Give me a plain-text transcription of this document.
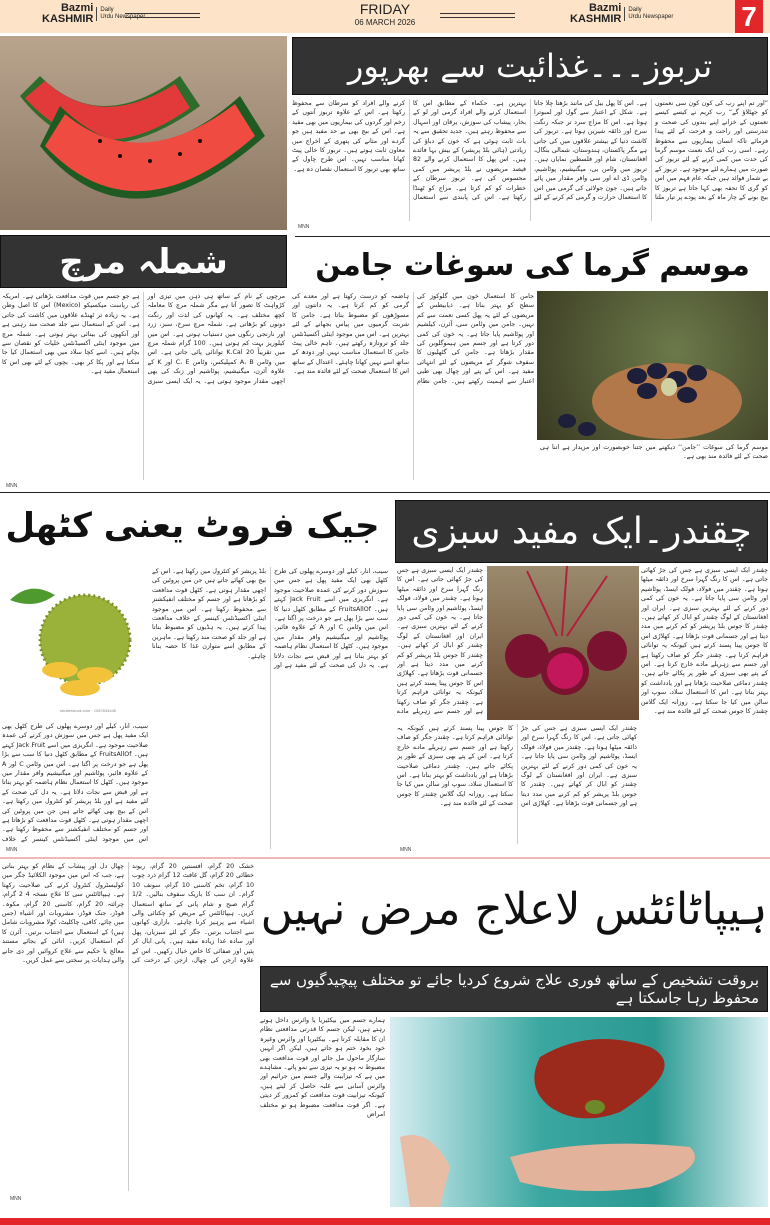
Bazmi
KASHMIR
Daily
Urdu Newspaper	FRIDAY
06 MARCH 2026
Bazmi
KASHMIR
Daily
Urdu Newspaper 7
تربوز۔۔۔غذائیت سے بھرپور
”اور تم اپنے رب کی کون کون سی نعمتوں کو جھٹلاؤ گے“ رب کریم نے کیسے کیسے نعمتوں کے خزانے اپنے بندوں کی صحت و تندرستی اور راحت و فرحت کے لئے پیدا فرمائے تاکہ انسان بیماریوں سے محفوظ رہے۔ اسی رب کی ایک نعمت موسم گرما کی حدت میں کمی کرنے کے لئے تربوز کی صورت میں ہمارے لئے موجود ہے۔ تربوز کے بے شمار فوائد ہیں جبکہ عام فہم میں اس کو گری کا تحفہ بھی کہا جاتا ہے تربوز کا بیج بونے کے چار ماہ کے بعد پودے پر تیار ملتا ہے۔ اس کا پھل بیل کی مانند بڑھتا چلا جاتا ہے۔ شکل کے اعتبار سے گول اور لمبوترا ہوتا ہے۔ اس کا مزاج سرد تر جبکہ رنگت سرخ اور ذائقہ شیریں ہوتا ہے۔ تربوز کی کاشت دنیا کے بیشتر علاقوں میں کی جاتی ہے مگر پاکستان، ہندوستان، شمالی بنگال، افغانستان، شام اور فلسطین نمایاں ہیں۔ تربوز میں وٹامن بی، میگنیشیم، پوٹاشیم، وٹامن ڈی اے اور سی وافر مقدار میں پائے جاتے ہیں۔ جون جولائی کی گرمی میں اس کا استعمال حرارت و گرمی کم کرنے کے لئے بہترین ہے۔ حکماء کے مطابق اس کا استعمال کرنے والے افراد گرمی اور لو کے بخار، پیشاب کی سوزش، یرقان اور اسہال سے محفوظ رہتے ہیں۔ جدید تحقیق سے یہ بات ثابت ہوئی ہے کہ خون کے دباؤ کی زیادتی (ہائی بلڈ پریشر) کے بیش بہا فائدے ہیں۔ اس پھل کا استعمال کرنے والے 82 فیصد مریضوں نے بلڈ پریشر میں کمی محسوس کی ہے۔ تربوز سرطان کے خطرات کو کم کرتا ہے۔ مزاج کو ٹھنڈا رکھتا ہے۔ اس کی پابندی سے استعمال کرنے والے افراد کو سرطان سے محفوظ رکھتا ہے۔ اس کے علاوہ تربوز آنتوں کے زخم اور گردوں کی بیماریوں میں بھی مفید ہے۔ اس کے بیج بھی بے حد مفید ہیں جو گردے اور مثانے کی پتھری کے اخراج میں معاون ثابت ہوتے ہیں۔ تربوز کا خالی پیٹ کھانا مناسب نہیں۔ اس طرح چاول کے ساتھ بھی تربوز کا استعمال نقصان دہ ہے۔
MNN
شملہ مرچ
مرچوں کے نام کے ساتھ ہی ذہن میں تیزی اور کڑواہٹ کا تصور آتا ہے مگر شملہ مرچ کا معاملہ کچھ مختلف ہے۔ یہ کھانوں کی لذت اور رنگت دونوں کو بڑھاتی ہے۔ شملہ مرچ سرخ، سبز، زرد اور نارنجی رنگوں میں دستیاب ہوتی ہے۔ اس میں کیلوریز بہت کم ہوتی ہیں۔ 100 گرام شملہ مرچ میں تقریباً 20 K.Cal توانائی پائی جاتی ہے۔ اس میں وٹامن A، B کمپلیکس، وٹامن C، E اور K کے علاوہ آئرن، میگنیشیم، پوٹاشیم اور زنک کی بھی اچھی مقدار موجود ہوتی ہے۔ یہ ایک ایسی سبزی ہے جو جسم میں قوت مدافعت بڑھاتی ہے۔ امریکہ کی ریاست میکسیکو (Mexico) اس کا اصل وطن ہے۔ یہ زیادہ تر ٹھنڈے علاقوں میں کاشت کی جاتی ہے۔ اس کے استعمال سے جلد صحت مند رہتی ہے اور آنکھوں کی بینائی بہتر ہوتی ہے۔ شملہ مرچ میں موجود اینٹی آکسیڈنٹس خلیات کو نقصان سے بچاتے ہیں۔ اسے کچا سلاد میں بھی استعمال کیا جا سکتا ہے اور پکا کر بھی۔ بچوں کے لئے بھی اس کا استعمال مفید ہے۔
MNN
موسم گرما کی سوغات جامن
جامن کا استعمال خون میں گلوکوز کی سطح کو بہتر بناتا ہے۔ ذیابیطس کے مریضوں کے لئے یہ پھل کسی نعمت سے کم نہیں۔ جامن میں وٹامن سی، آئرن، کیلشیم اور پوٹاشیم پایا جاتا ہے۔ یہ خون کی کمی دور کرتا ہے اور جسم میں ہیموگلوبن کی مقدار بڑھاتا ہے۔ جامن کی گٹھلیوں کا سفوف شوگر کے مریضوں کے لئے انتہائی مفید ہے۔ اس کے پتے اور چھال بھی طبی اعتبار سے اہمیت رکھتے ہیں۔ جامن نظام ہاضمہ کو درست رکھتا ہے اور معدے کی گرمی کو کم کرتا ہے۔ یہ دانتوں اور مسوڑھوں کو مضبوط بناتا ہے۔ جامن کا شربت گرمیوں میں پیاس بجھانے کے لئے بہترین ہے۔ اس میں موجود اینٹی آکسیڈنٹس جلد کو تروتازہ رکھتے ہیں۔ تاہم خالی پیٹ جامن کا استعمال مناسب نہیں اور دودھ کے ساتھ اسے نہیں کھانا چاہئے۔ اعتدال کے ساتھ اس کا استعمال صحت کے لئے فائدہ مند ہے۔
موسم گرما کی سوغات ’’جامن‘‘ دیکھنے میں جتنا خوبصورت اور مزیدار ہے اتنا ہی صحت کے لئے فائدہ مند بھی ہے۔
جیک فروٹ یعنی کٹھل
shutterstock.com · 1087834445
سیب، انار، کیلے اور دوسرے پھلوں کی طرح کٹھل بھی ایک مفید پھل ہے جس میں سوزش دور کرنے کی عمدہ صلاحیت موجود ہے۔ انگریزی میں اسے Jack Fruit کہتے ہیں۔ FruitsAllOf کے مطابق کٹھل دنیا کا سب سے بڑا پھل ہے جو درخت پر اگتا ہے۔ اس میں وٹامن C اور A کے علاوہ فائبر، پوٹاشیم اور میگنیشیم وافر مقدار میں موجود ہیں۔ کٹھل کا استعمال نظام ہاضمہ کو بہتر بناتا ہے اور قبض سے نجات دلاتا ہے۔ یہ دل کی صحت کے لئے مفید ہے اور بلڈ پریشر کو کنٹرول میں رکھتا ہے۔ اس کے بیج بھی کھائے جاتے ہیں جن میں پروٹین کی اچھی مقدار ہوتی ہے۔ کٹھل قوت مدافعت کو بڑھاتا ہے اور جسم کو مختلف انفیکشنز سے محفوظ رکھتا ہے۔ اس میں موجود اینٹی آکسیڈنٹس کینسر کے خلاف مدافعت پیدا کرتے ہیں۔ یہ ہڈیوں کو مضبوط بناتا ہے اور جلد کو صحت مند رکھتا ہے۔ ماہرین کے مطابق اسے متوازن غذا کا حصہ بنانا چاہئے۔
سیب، انار، کیلے اور دوسرے پھلوں کی طرح کٹھل بھی ایک مفید پھل ہے جس میں سوزش دور کرنے کی عمدہ صلاحیت موجود ہے۔ انگریزی میں اسے Jack Fruit کہتے ہیں۔ FruitsAllOf کے مطابق کٹھل دنیا کا سب سے بڑا پھل ہے جو درخت پر اگتا ہے۔ اس میں وٹامن C اور A کے علاوہ فائبر، پوٹاشیم اور میگنیشیم وافر مقدار میں موجود ہیں۔ کٹھل کا استعمال نظام ہاضمہ کو بہتر بناتا ہے اور قبض سے نجات دلاتا ہے۔ یہ دل کی صحت کے لئے مفید ہے اور بلڈ پریشر کو کنٹرول میں رکھتا ہے۔ اس کے بیج بھی کھائے جاتے ہیں جن میں پروٹین کی اچھی مقدار ہوتی ہے۔ کٹھل قوت مدافعت کو بڑھاتا ہے اور جسم کو مختلف انفیکشنز سے محفوظ رکھتا ہے۔ اس میں موجود اینٹی آکسیڈنٹس کینسر کے خلاف
MNN
چقندر۔ایک مفید سبزی
چقندر ایک ایسی سبزی ہے جس کی جڑ کھائی جاتی ہے۔ اس کا رنگ گہرا سرخ اور ذائقہ میٹھا ہوتا ہے۔ چقندر میں فولاد، فولک ایسڈ، پوٹاشیم اور وٹامن سی پایا جاتا ہے۔ یہ خون کی کمی دور کرنے کے لئے بہترین سبزی ہے۔ ایران اور افغانستان کے لوگ چقندر کو ابال کر کھاتے ہیں۔ چقندر کا جوس بلڈ پریشر کو کم کرنے میں مدد دیتا ہے اور جسمانی قوت بڑھاتا ہے۔ کھلاڑی اس کا جوس پینا پسند کرتے ہیں کیونکہ یہ توانائی فراہم کرتا ہے۔ چقندر جگر کو صاف رکھتا ہے اور جسم سے زہریلے مادے خارج کرتا ہے۔ اس کے پتے بھی سبزی کے طور پر پکائے جاتے ہیں۔ چقندر دماغی صلاحیت بڑھاتا ہے اور یادداشت کو بہتر بناتا ہے۔ اس کا استعمال سلاد، سوپ اور سالن میں کیا جا سکتا ہے۔ روزانہ ایک گلاس چقندر کا جوس صحت کے لئے فائدہ مند ہے۔
چقندر ایک ایسی سبزی ہے جس کی جڑ کھائی جاتی ہے۔ اس کا رنگ گہرا سرخ اور ذائقہ میٹھا ہوتا ہے۔ چقندر میں فولاد، فولک ایسڈ، پوٹاشیم اور وٹامن سی پایا جاتا ہے۔ یہ خون کی کمی دور کرنے کے لئے بہترین سبزی ہے۔ ایران اور افغانستان کے لوگ چقندر کو ابال کر کھاتے ہیں۔ چقندر کا جوس بلڈ پریشر کو کم کرنے میں مدد دیتا ہے اور جسمانی قوت بڑھاتا ہے۔ کھلاڑی اس کا جوس پینا پسند کرتے ہیں کیونکہ یہ توانائی فراہم کرتا ہے۔ چقندر جگر کو صاف رکھتا ہے اور جسم سے زہریلے مادے خارج کرتا ہے۔ اس کے پتے بھی سبزی کے طور پر پکائے جاتے ہیں۔ چقندر دماغی صلاحیت بڑھاتا ہے اور یادداشت کو بہتر بناتا ہے۔ اس کا استعمال سلاد، سوپ اور سالن میں کیا جا سکتا ہے۔ روزانہ ایک گلاس چقندر کا جوس صحت کے لئے فائدہ مند ہے۔
چقندر ایک ایسی سبزی ہے جس کی جڑ کھائی جاتی ہے۔ اس کا رنگ گہرا سرخ اور ذائقہ میٹھا ہوتا ہے۔ چقندر میں فولاد، فولک ایسڈ، پوٹاشیم اور وٹامن سی پایا جاتا ہے۔ یہ خون کی کمی دور کرنے کے لئے بہترین سبزی ہے۔ ایران اور افغانستان کے لوگ چقندر کو ابال کر کھاتے ہیں۔ چقندر کا جوس بلڈ پریشر کو کم کرنے میں مدد دیتا ہے اور جسمانی قوت بڑھاتا ہے۔ کھلاڑی اس کا جوس پینا پسند کرتے ہیں کیونکہ یہ توانائی فراہم کرتا ہے۔ چقندر جگر کو صاف رکھتا ہے اور جسم سے زہریلے مادے
MNN
خشک 20 گرام، افسنتین 20 گرام، ریوند خطائی 20 گرام، گل غافث 12 گرام ذرد چوب 10 گرام، تخم کاسنی 10 گرام، سونف 10 گرام۔ ان سب کا باریک سفوف بنالیں۔ 1/2 گرام صبح و شام پانی کے ساتھ استعمال کریں۔ ہیپاٹائٹس کے مریض کو چکنائی والی اشیاء سے پرہیز کرنا چاہئے۔ بازاری کھانوں سے اجتناب برتیں۔ جگر کے لئے سبزیاں، پھل اور سادہ غذا زیادہ مفید ہیں۔ پانی ابال کر پئیں اور صفائی کا خاص خیال رکھیں۔ اس کے علاوہ ارجن کی چھال، ارجن کے درخت کی چھال دل اور پیشاب کے نظام کو بہتر بناتی ہے، جب کہ اس میں موجود الکلائیڈ جگر میں کولیسٹرول کنٹرول کرنے کی صلاحیت رکھتا ہے۔ ہیپاٹائٹس سی کا علاج نسخہ 4 2 گرام، چرائتہ 20 گرام، کاسنی 20 گرام، مکوہ۔ فوڈز، جنک فوڈز، مشروبات اور اشیاء (جس میں چائے، کافی، چاکلیٹ، کولا مشروبات شامل ہیں) کے استعمال سے اجتناب برتیں۔ آئرن کا کم استعمال کریں۔ اتائی کے بجائے مستند معالج یا حکیم سے علاج کروائیں اور دی جانے والی ہدایات پر سختی سے عمل کریں۔
MNN
ہیپاٹائٹس لاعلاج مرض نہیں
بروقت تشخیص کے ساتھ فوری علاج شروع کردیا جائے تو مختلف پیچیدگیوں سے محفوظ رہا جاسکتا ہے
ہمارے جسم میں بیکٹیریا یا وائرس داخل ہوتے رہتے ہیں، لیکن جسم کا قدرتی مدافعتی نظام ان کا مقابلہ کرتا ہے۔ بیکٹیریا اور وائرس وغیرہ خود بخود ختم ہو جاتے ہیں، لیکن اگر انہیں سازگار ماحول مل جائے اور قوت مدافعت بھی مضبوط نہ ہو تو یہ تیزی سے نمو پاتے۔ مشاہدے میں ہے کہ تیزابیت والے جسم میں جراثیم اور وائرس آسانی سے غلبہ حاصل کر لیتے ہیں، کیونکہ تیزابیت قوت مدافعت کو کمزور کر دیتی ہے۔ اگر قوت مدافعت مضبوط ہو تو مختلف امراض
